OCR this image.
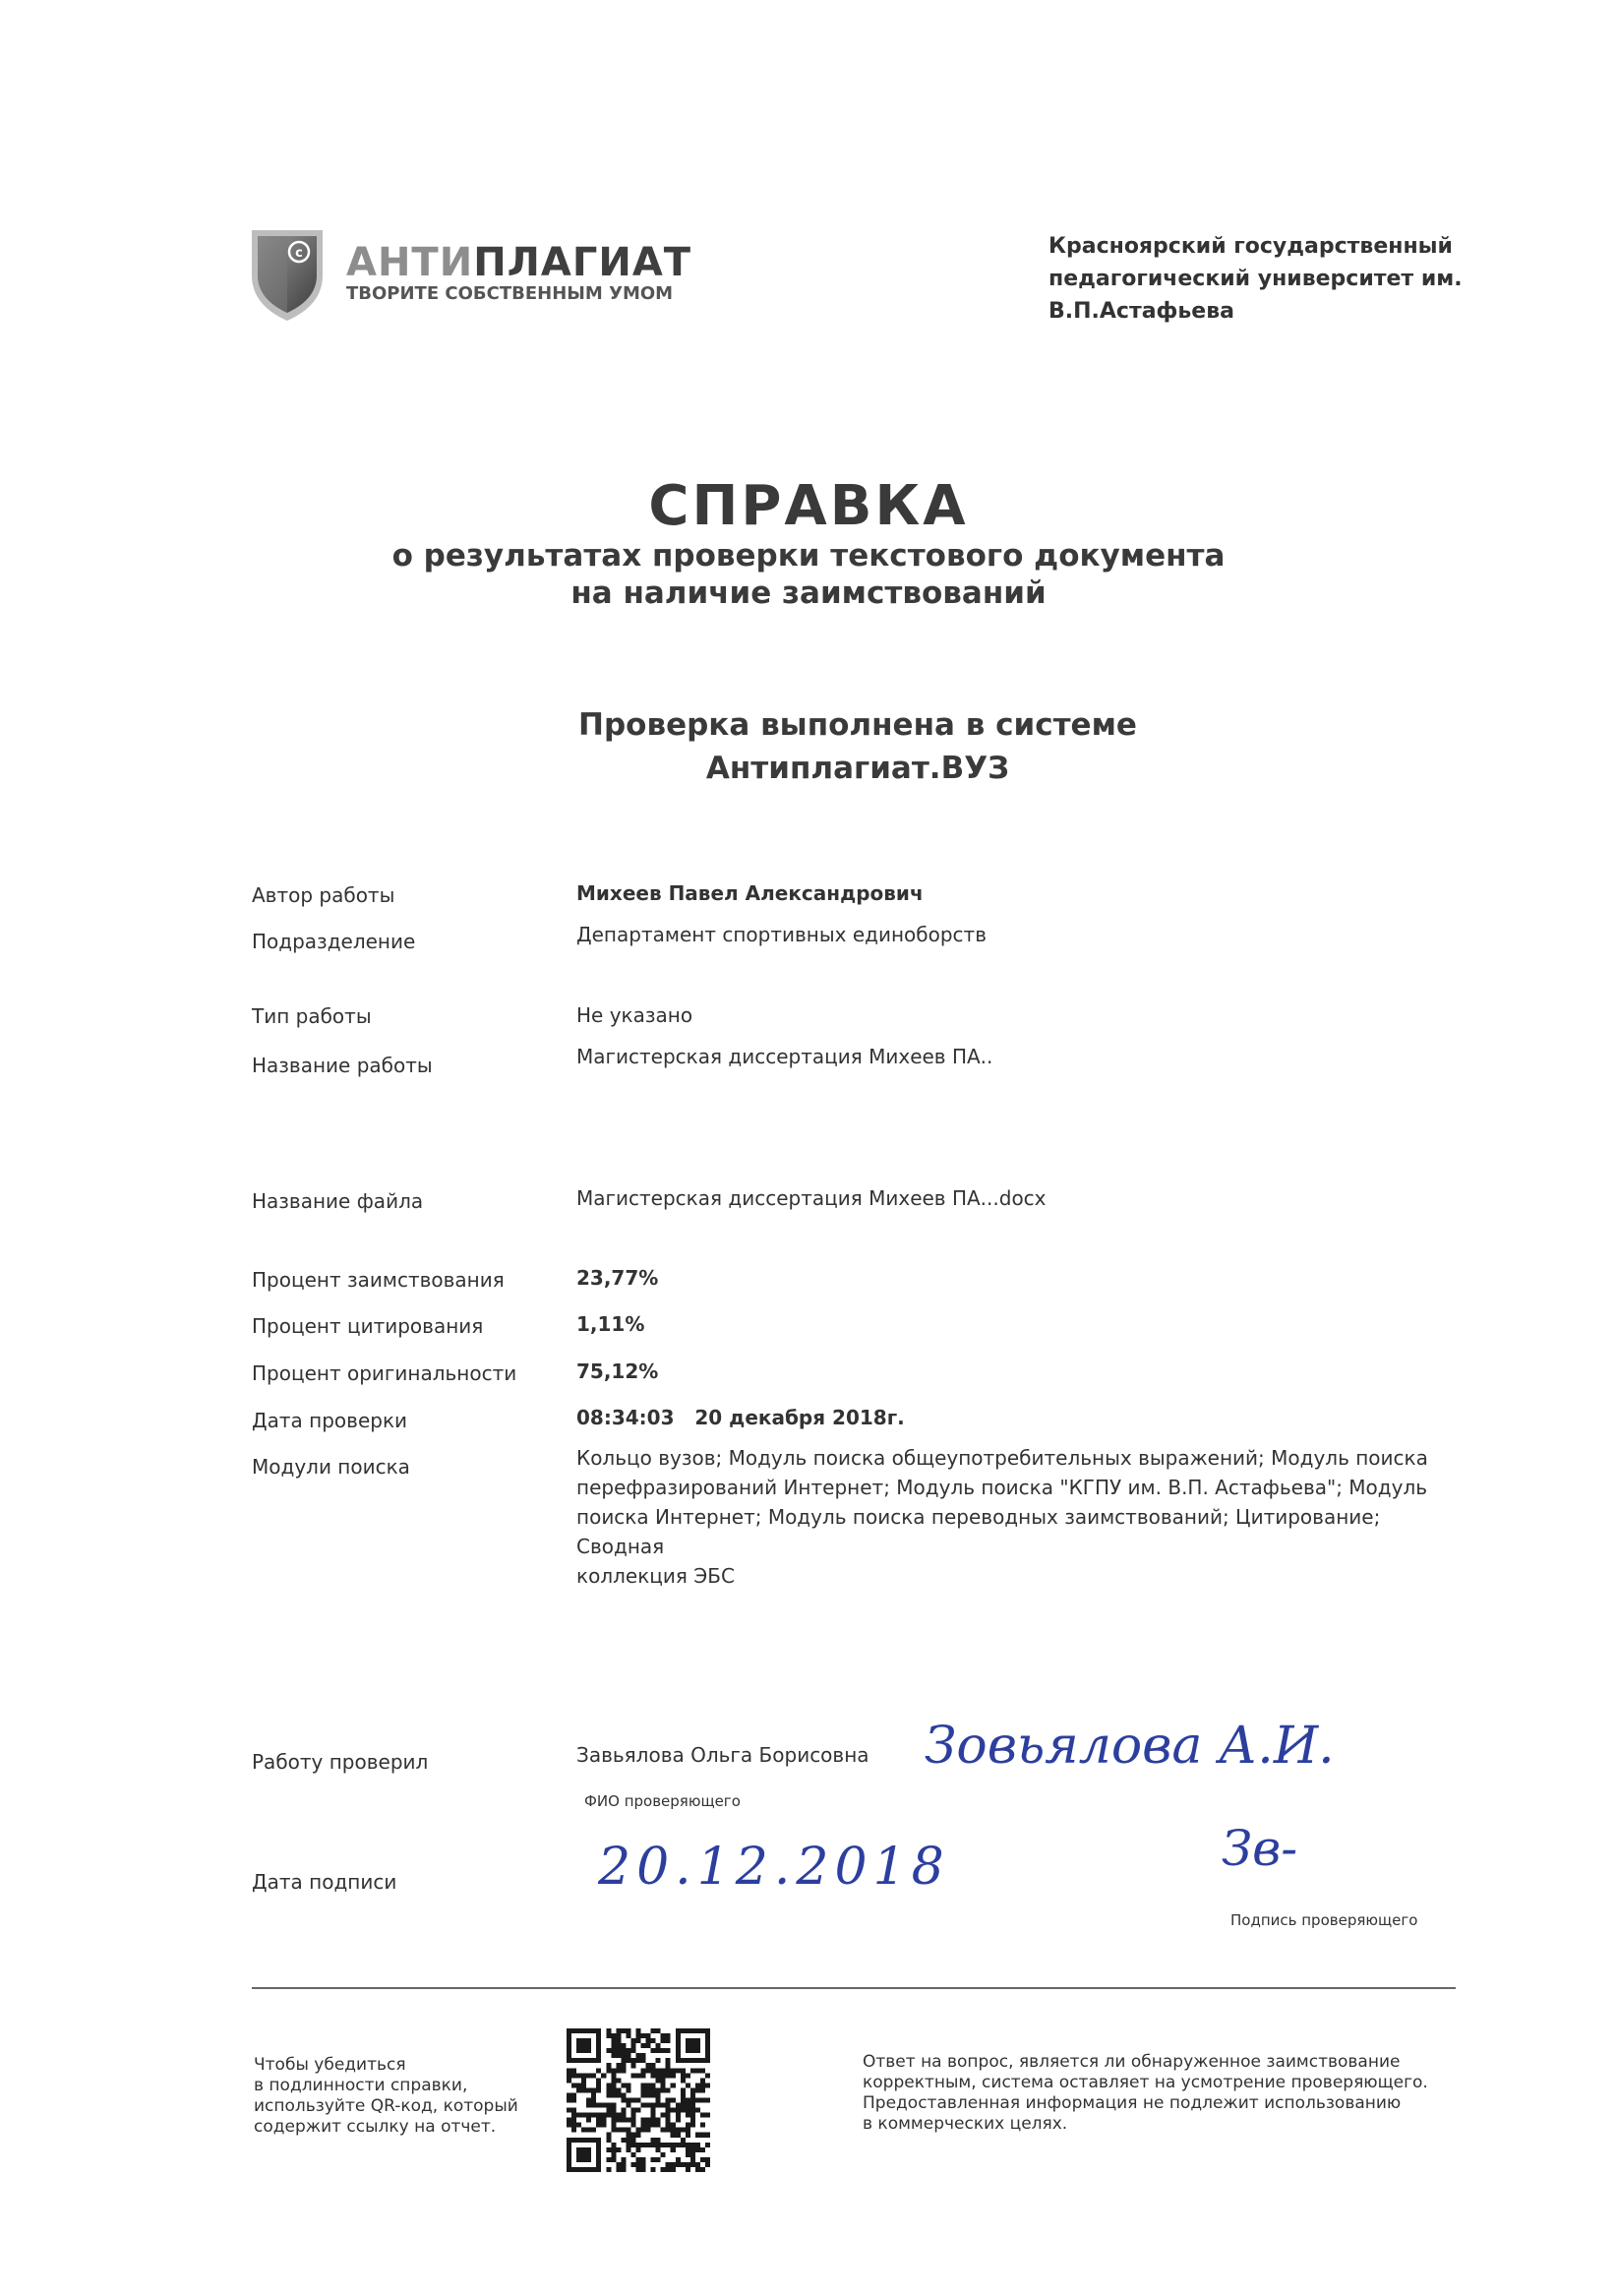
c АНТИПЛАГИАТ
ТВОРИТЕ СОБСТВЕННЫМ УМОМ
Красноярский государственный
педагогический университет им.
В.П.Астафьева
СПРАВКА
о результатах проверки текстового документа
на наличие заимствований
Проверка выполнена в системе
Антиплагиат.ВУЗ
Автор работы	Михеев Павел Александрович
Подразделение	Департамент спортивных единоборств
Тип работы	Не указано
Название работы	Магистерская диссертация Михеев ПА..
Название файла	Магистерская диссертация Михеев ПА...docx
Процент заимствования	23,77%
Процент цитирования	1,11%
Процент оригинальности	75,12%
Дата проверки	08:34:03   20 декабря 2018г.
Модули поиска	Кольцо вузов; Модуль поиска общеупотребительных выражений; Модуль поиска
перефразирований Интернет; Модуль поиска "КГПУ им. В.П. Астафьева"; Модуль
поиска Интернет; Модуль поиска переводных заимствований; Цитирование; Сводная
коллекция ЭБС
Работу проверил	Завьялова Ольга Борисовна
ФИО проверяющего
Зовьялова А.И.
Дата подписи	20.12.2018	Зв-
Подпись проверяющего
Чтобы убедиться
в подлинности справки,
используйте QR-код, который
содержит ссылку на отчет.
Ответ на вопрос, является ли обнаруженное заимствование
корректным, система оставляет на усмотрение проверяющего.
Предоставленная информация не подлежит использованию
в коммерческих целях.
